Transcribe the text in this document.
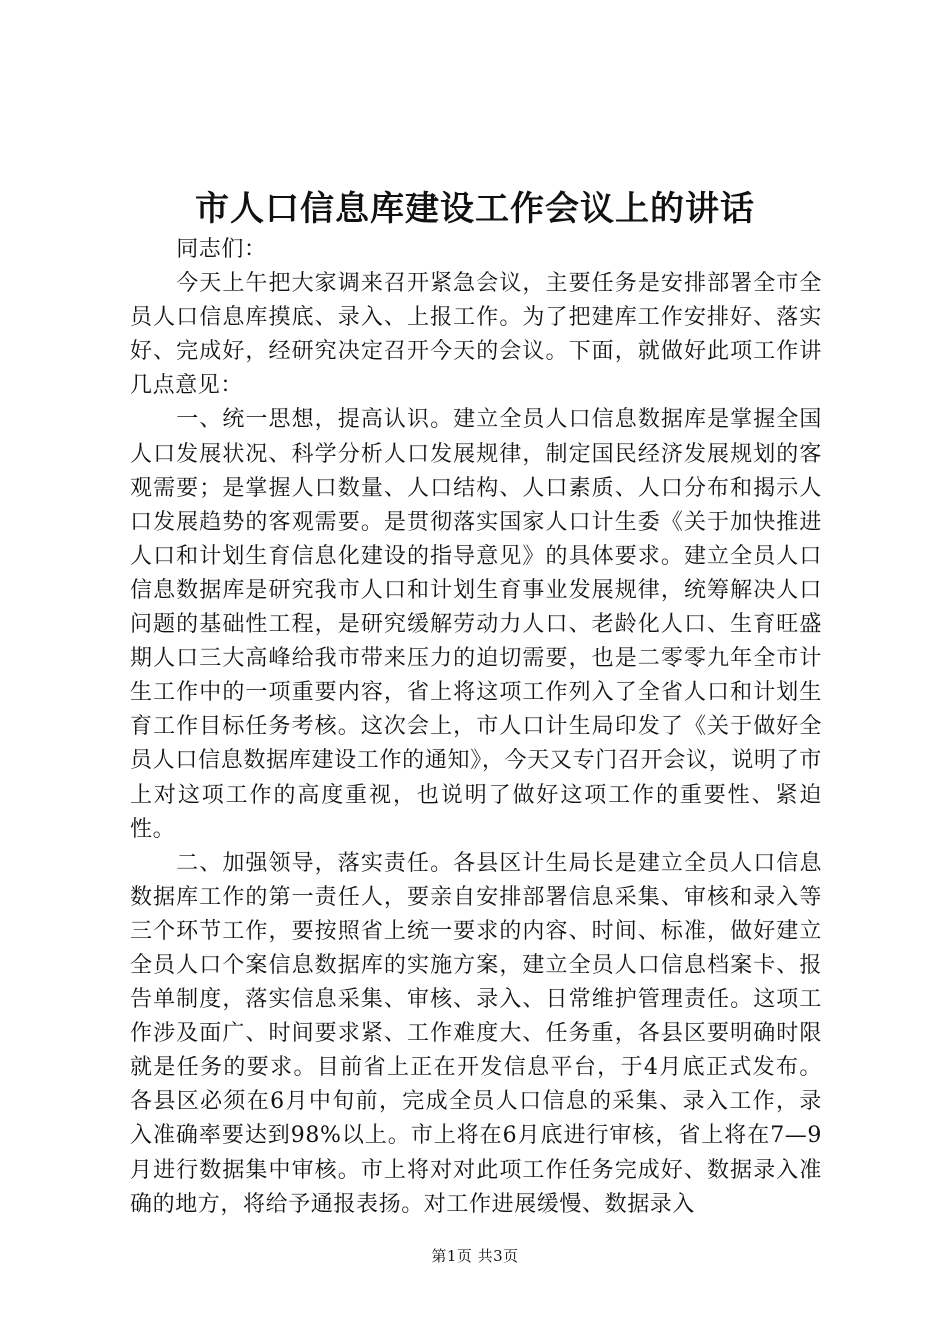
市人口信息库建设工作会议上的讲话

同志们：

今天上午把大家调来召开紧急会议，主要任务是安排部署全市全员人口信息库摸底、录入、上报工作。为了把建库工作安排好、落实好、完成好，经研究决定召开今天的会议。下面，就做好此项工作讲几点意见：

一、统一思想，提高认识。建立全员人口信息数据库是掌握全国人口发展状况、科学分析人口发展规律，制定国民经济发展规划的客观需要；是掌握人口数量、人口结构、人口素质、人口分布和揭示人口发展趋势的客观需要。是贯彻落实国家人口计生委《关于加快推进人口和计划生育信息化建设的指导意见》的具体要求。建立全员人口信息数据库是研究我市人口和计划生育事业发展规律，统筹解决人口问题的基础性工程，是研究缓解劳动力人口、老龄化人口、生育旺盛期人口三大高峰给我市带来压力的迫切需要，也是二零零九年全市计生工作中的一项重要内容，省上将这项工作列入了全省人口和计划生育工作目标任务考核。这次会上，市人口计生局印发了《关于做好全员人口信息数据库建设工作的通知》，今天又专门召开会议，说明了市上对这项工作的高度重视，也说明了做好这项工作的重要性、紧迫性。

二、加强领导，落实责任。各县区计生局长是建立全员人口信息数据库工作的第一责任人，要亲自安排部署信息采集、审核和录入等三个环节工作，要按照省上统一要求的内容、时间、标准，做好建立全员人口个案信息数据库的实施方案，建立全员人口信息档案卡、报告单制度，落实信息采集、审核、录入、日常维护管理责任。这项工作涉及面广、时间要求紧、工作难度大、任务重，各县区要明确时限就是任务的要求。目前省上正在开发信息平台，于4月底正式发布。各县区必须在6月中旬前，完成全员人口信息的采集、录入工作，录入准确率要达到98%以上。市上将在6月底进行审核，省上将在7—9月进行数据集中审核。市上将对对此项工作任务完成好、数据录入准确的地方，将给予通报表扬。对工作进展缓慢、数据录入

第1页 共3页
